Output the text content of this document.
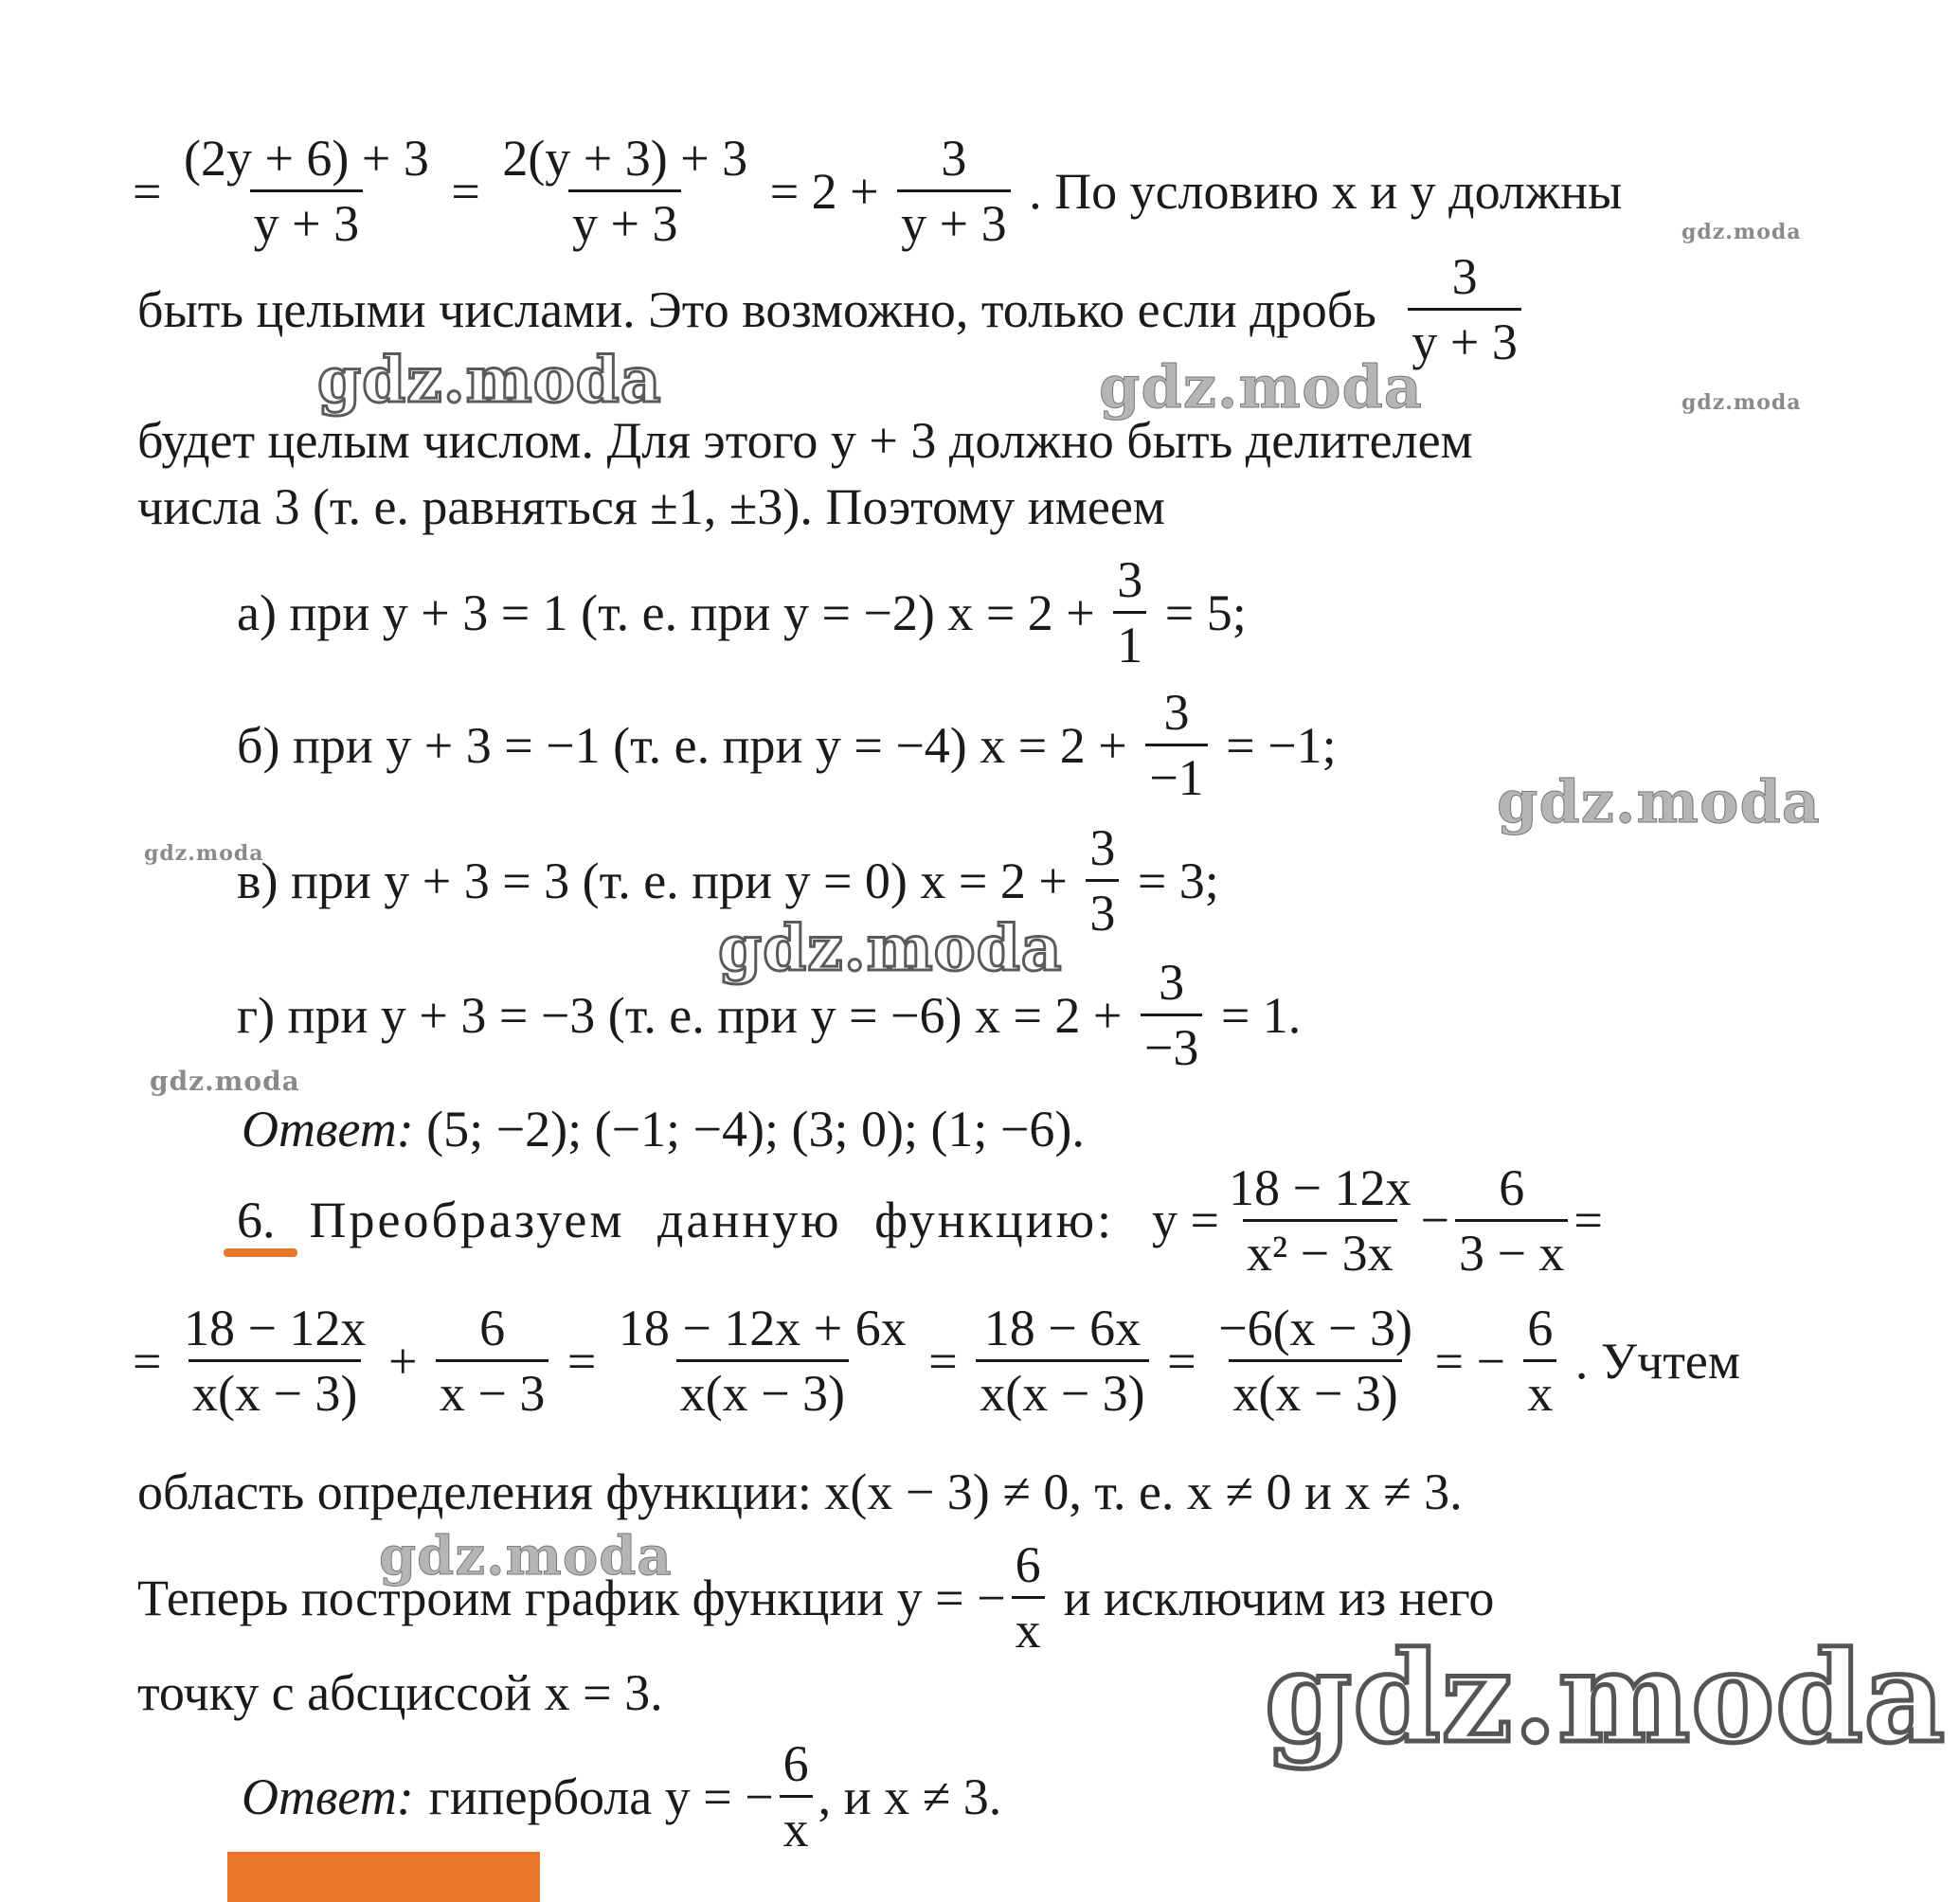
= $\frac{(2y + 6) + 3}{y + 3} = \frac{2(y + 3) + 3}{y + 3} = 2 + \frac{3}{y + 3}$ . По условию x и y должны
быть целыми числами. Это возможно, только если дробь $\frac{3}{y + 3}$
будет целым числом. Для этого y + 3 должно быть делителем
числа 3 (т. е. равняться ±1, ±3). Поэтому имеем
а) при y + 3 = 1 (т. е. при y = −2) $x = 2 + \frac{3}{1} = 5$;
б) при y + 3 = −1 (т. е. при y = −4) $x = 2 + \frac{3}{-1} = -1$;
в) при y + 3 = 3 (т. е. при y = 0) $x = 2 + \frac{3}{3} = 3$;
г) при y + 3 = −3 (т. е. при y = −6) $x = 2 + \frac{3}{-3} = 1$.
Ответ: (5; −2); (−1; −4); (3; 0); (1; −6).
6. Преобразуем данную функцию: $y = \frac{18 - 12x}{\text{x² − 3x}} - \frac{6}{3 - x}$ =
= $\frac{18 - 12x}{x(x - 3)} + \frac{6}{x - 3} = \frac{18 - 12x + 6x}{x(x - 3)} = \frac{18 - 6x}{x(x - 3)} = \frac{-6(x - 3)}{x(x - 3)}$ = − $\frac{6}{x}$ . Учтем
область определения функции: x(x − 3) ≠ 0, т. е. x ≠ 0 и x ≠ 3.
Теперь построим график функции y = − $\frac{6}{x}$ и исключим из него
точку с абсциссой x = 3.
Ответ: гипербола y = − $\frac{6}{x}$ , и x ≠ 3.
gdz.moda	gdz.moda
gdz.moda
gdz.moda
gdz.moda
gdz.moda
gdz.moda
gdz.moda
gdz.moda
gdz.moda
